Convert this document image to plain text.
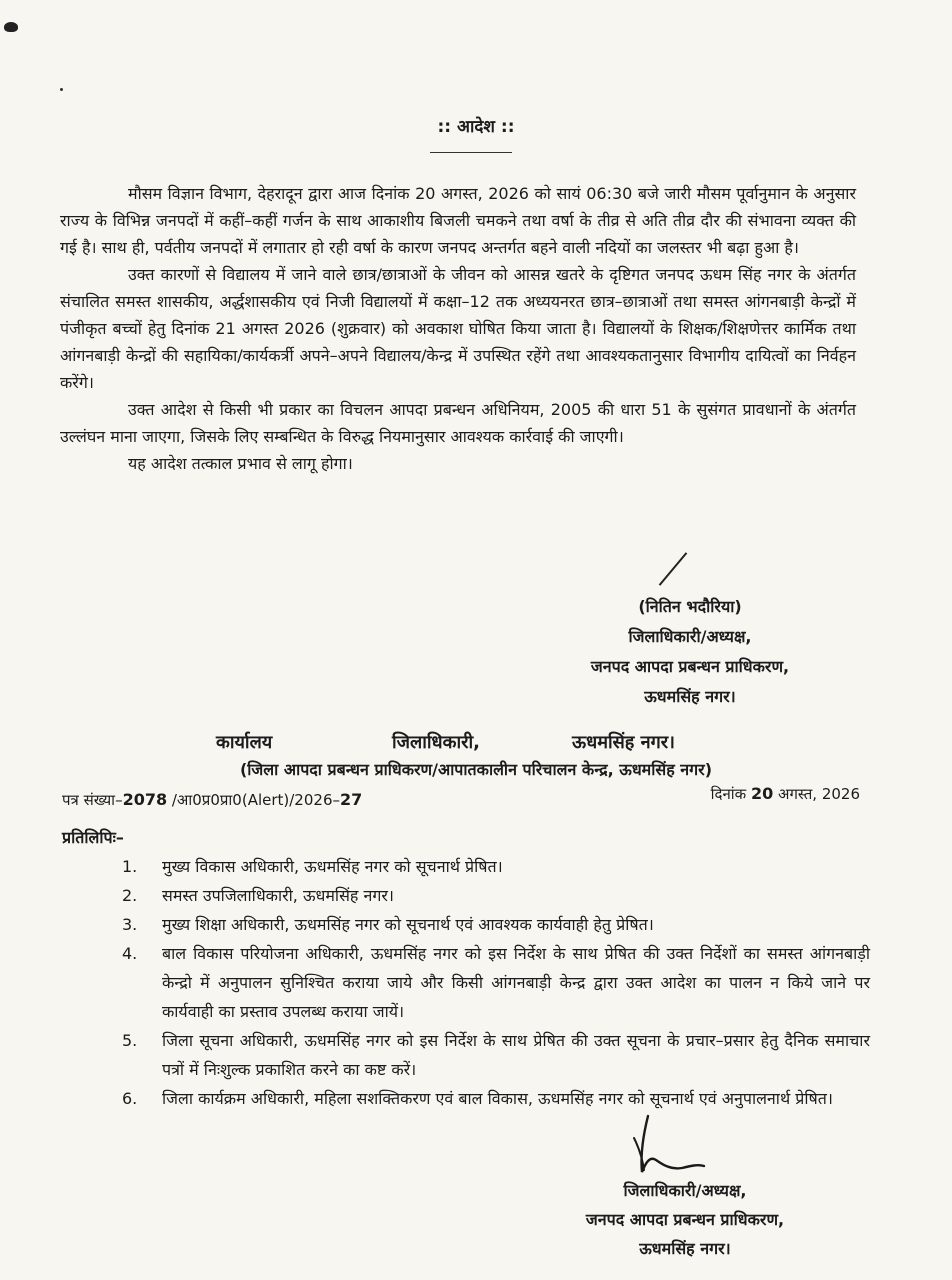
:: आदेश ::

मौसम विज्ञान विभाग, देहरादून द्वारा आज दिनांक 20 अगस्त, 2026 को सायं 06:30 बजे जारी मौसम पूर्वानुमान के अनुसार राज्य के विभिन्न जनपदों में कहीं–कहीं गर्जन के साथ आकाशीय बिजली चमकने तथा वर्षा के तीव्र से अति तीव्र दौर की संभावना व्यक्त की गई है। साथ ही, पर्वतीय जनपदों में लगातार हो रही वर्षा के कारण जनपद अन्तर्गत बहने वाली नदियों का जलस्तर भी बढ़ा हुआ है।

उक्त कारणों से विद्यालय में जाने वाले छात्र/छात्राओं के जीवन को आसन्न खतरे के दृष्टिगत जनपद ऊधम सिंह नगर के अंतर्गत संचालित समस्त शासकीय, अर्द्धशासकीय एवं निजी विद्यालयों में कक्षा–12 तक अध्ययनरत छात्र–छात्राओं तथा समस्त आंगनबाड़ी केन्द्रों में पंजीकृत बच्चों हेतु दिनांक 21 अगस्त 2026 (शुक्रवार) को अवकाश घोषित किया जाता है। विद्यालयों के शिक्षक/शिक्षणेत्तर कार्मिक तथा आंगनबाड़ी केन्द्रों की सहायिका/कार्यकर्त्री अपने–अपने विद्यालय/केन्द्र में उपस्थित रहेंगे तथा आवश्यकतानुसार विभागीय दायित्वों का निर्वहन करेंगे।

उक्त आदेश से किसी भी प्रकार का विचलन आपदा प्रबन्धन अधिनियम, 2005 की धारा 51 के सुसंगत प्रावधानों के अंतर्गत उल्लंघन माना जाएगा, जिसके लिए सम्बन्धित के विरुद्ध नियमानुसार आवश्यक कार्रवाई की जाएगी।

यह आदेश तत्काल प्रभाव से लागू होगा।

(नितिन भदौरिया)
जिलाधिकारी/अध्यक्ष,
जनपद आपदा प्रबन्धन प्राधिकरण,
ऊधमसिंह नगर।
कार्यालय	जिलाधिकारी,	ऊधमसिंह नगर।
(जिला आपदा प्रबन्धन प्राधिकरण/आपातकालीन परिचालन केन्द्र, ऊधमसिंह नगर)
पत्र संख्या–2078 /आ0प्र0प्रा0(Alert)/2026–27	दिनांक 20 अगस्त, 2026
प्रतिलिपिः–
1.	मुख्य विकास अधिकारी, ऊधमसिंह नगर को सूचनार्थ प्रेषित।
2.	समस्त उपजिलाधिकारी, ऊधमसिंह नगर।
3.	मुख्य शिक्षा अधिकारी, ऊधमसिंह नगर को सूचनार्थ एवं आवश्यक कार्यवाही हेतु प्रेषित।
4.	बाल विकास परियोजना अधिकारी, ऊधमसिंह नगर को इस निर्देश के साथ प्रेषित की उक्त निर्देशों का समस्त आंगनबाड़ी केन्द्रो में अनुपालन सुनिश्चित कराया जाये और किसी आंगनबाड़ी केन्द्र द्वारा उक्त आदेश का पालन न किये जाने पर कार्यवाही का प्रस्ताव उपलब्ध कराया जायें।
5.	जिला सूचना अधिकारी, ऊधमसिंह नगर को इस निर्देश के साथ प्रेषित की उक्त सूचना के प्रचार–प्रसार हेतु दैनिक समाचार पत्रों में निःशुल्क प्रकाशित करने का कष्ट करें।
6.	जिला कार्यक्रम अधिकारी, महिला सशक्तिकरण एवं बाल विकास, ऊधमसिंह नगर को सूचनार्थ एवं अनुपालनार्थ प्रेषित।
जिलाधिकारी/अध्यक्ष,
जनपद आपदा प्रबन्धन प्राधिकरण,
ऊधमसिंह नगर।
